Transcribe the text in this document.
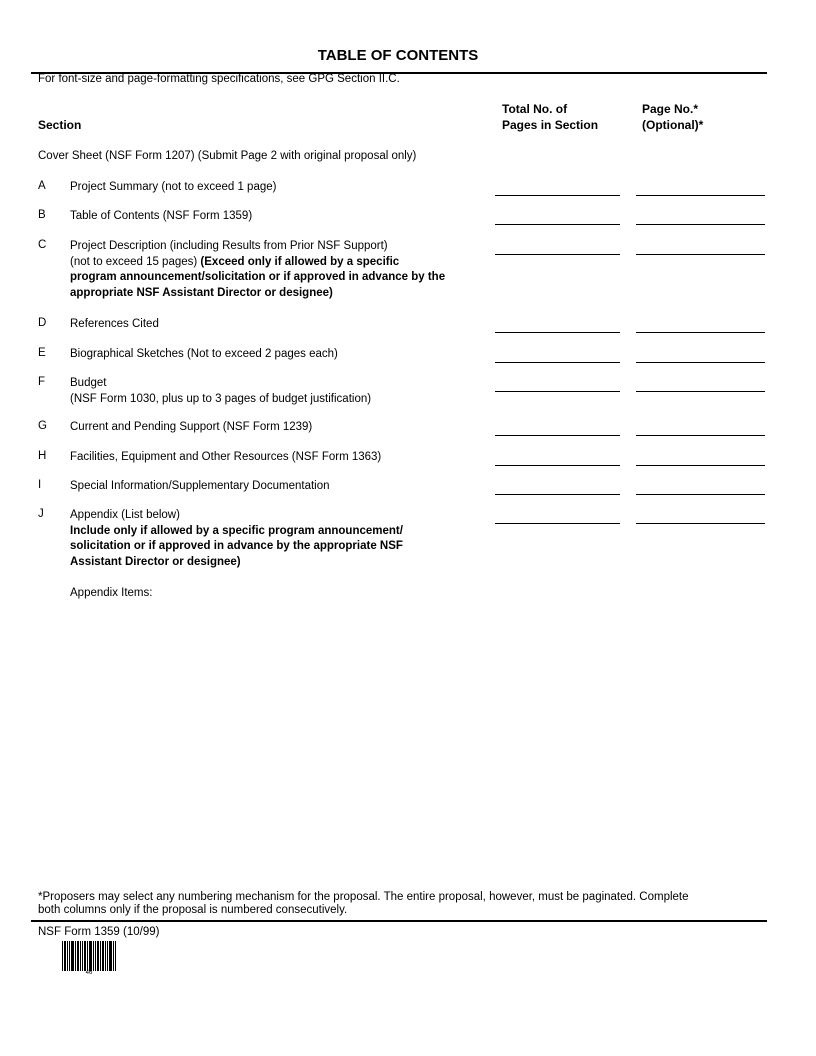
TABLE OF CONTENTS
For font-size and page-formatting specifications, see GPG Section II.C.
Section
Total No. of
Pages in Section
Page No.*
(Optional)*
Cover Sheet (NSF Form 1207) (Submit Page 2 with original proposal only)
A Project Summary (not to exceed 1 page)
B Table of Contents (NSF Form 1359)
C Project Description (including Results from Prior NSF Support)
(not to exceed 15 pages) (Exceed only if allowed by a specific
program announcement/solicitation or if approved in advance by the
appropriate NSF Assistant Director or designee)
D References Cited
E Biographical Sketches (Not to exceed 2 pages each)
F Budget
(NSF Form 1030, plus up to 3 pages of budget justification)
G Current and Pending Support (NSF Form 1239)
H Facilities, Equipment and Other Resources (NSF Form 1363)
I	Special Information/Supplementary Documentation
J Appendix (List below)
Include only if allowed by a specific program announcement/
solicitation or if approved in advance by the appropriate NSF
Assistant Director or designee)
Appendix Items:
*Proposers may select any numbering mechanism for the proposal. The entire proposal, however, must be paginated. Complete
both columns only if the proposal is numbered consecutively.
NSF Form 1359 (10/99)
46
